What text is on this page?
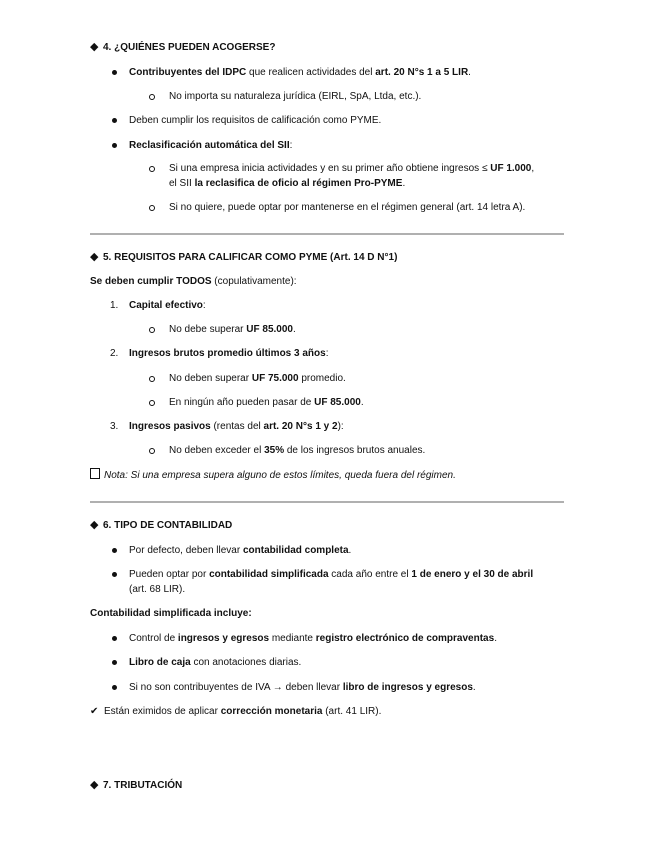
◆ 4. ¿QUIÉNES PUEDEN ACOGERSE?
Contribuyentes del IDPC que realicen actividades del art. 20 N°s 1 a 5 LIR.
No importa su naturaleza jurídica (EIRL, SpA, Ltda, etc.).
Deben cumplir los requisitos de calificación como PYME.
Reclasificación automática del SII:
Si una empresa inicia actividades y en su primer año obtiene ingresos ≤ UF 1.000,
el SII la reclasifica de oficio al régimen Pro-PYME.
Si no quiere, puede optar por mantenerse en el régimen general (art. 14 letra A).
◆ 5. REQUISITOS PARA CALIFICAR COMO PYME (Art. 14 D N°1)
Se deben cumplir TODOS (copulativamente):
1. Capital efectivo:
No debe superar UF 85.000.
2. Ingresos brutos promedio últimos 3 años:
No deben superar UF 75.000 promedio.
En ningún año pueden pasar de UF 85.000.
3. Ingresos pasivos (rentas del art. 20 N°s 1 y 2):
No deben exceder el 35% de los ingresos brutos anuales.
Nota: Si una empresa supera alguno de estos límites, queda fuera del régimen.
◆ 6. TIPO DE CONTABILIDAD
Por defecto, deben llevar contabilidad completa.
Pueden optar por contabilidad simplificada cada año entre el 1 de enero y el 30 de abril
(art. 68 LIR).
Contabilidad simplificada incluye:
Control de ingresos y egresos mediante registro electrónico de compraventas.
Libro de caja con anotaciones diarias.
Si no son contribuyentes de IVA → deben llevar libro de ingresos y egresos.
✔ Están eximidos de aplicar corrección monetaria (art. 41 LIR).
◆ 7. TRIBUTACIÓN
